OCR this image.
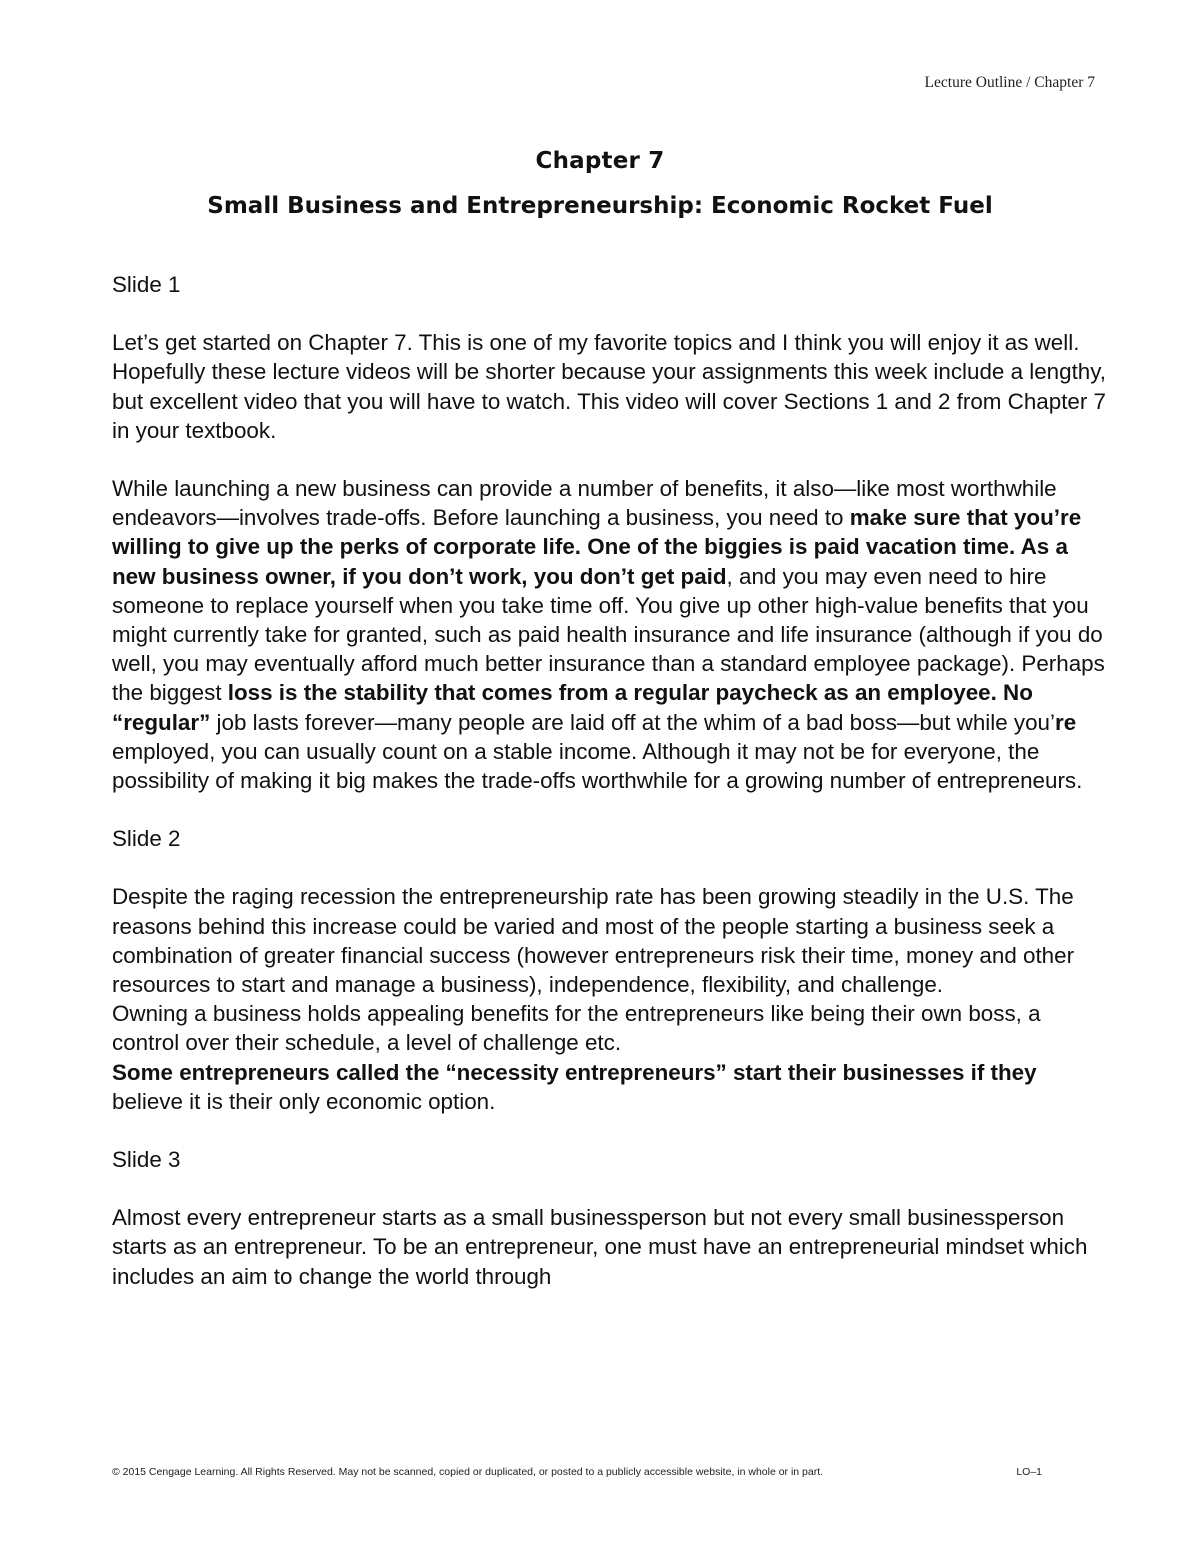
Lecture Outline / Chapter 7
Chapter 7
Small Business and Entrepreneurship: Economic Rocket Fuel

Slide 1

Let’s get started on Chapter 7. This is one of my favorite topics and I think you will enjoy it as well. Hopefully these lecture videos will be shorter because your assignments this week include a lengthy, but excellent video that you will have to watch. This video will cover Sections 1 and 2 from Chapter 7 in your textbook.

While launching a new business can provide a number of benefits, it also—like most worthwhile endeavors—involves trade-offs. Before launching a business, you need to make sure that you’re willing to give up the perks of corporate life. One of the biggies is paid vacation time. As a new business owner, if you don’t work, you don’t get paid, and you may even need to hire someone to replace yourself when you take time off. You give up other high-value benefits that you might currently take for granted, such as paid health insurance and life insurance (although if you do well, you may eventually afford much better insurance than a standard employee package). Perhaps the biggest loss is the stability that comes from a regular paycheck as an employee. No “regular” job lasts forever—many people are laid off at the whim of a bad boss—but while you’re employed, you can usually count on a stable income. Although it may not be for everyone, the possibility of making it big makes the trade-offs worthwhile for a growing number of entrepreneurs.

Slide 2

Despite the raging recession the entrepreneurship rate has been growing steadily in the U.S. The reasons behind this increase could be varied and most of the people starting a business seek a combination of greater financial success (however entrepreneurs risk their time, money and other resources to start and manage a business), independence, flexibility, and challenge.

Owning a business holds appealing benefits for the entrepreneurs like being their own boss, a control over their schedule, a level of challenge etc.

Some entrepreneurs called the “necessity entrepreneurs” start their businesses if they believe it is their only economic option.

Slide 3

Almost every entrepreneur starts as a small businessperson but not every small businessperson starts as an entrepreneur. To be an entrepreneur, one must have an entrepreneurial mindset which includes an aim to change the world through

© 2015 Cengage Learning. All Rights Reserved. May not be scanned, copied or duplicated, or posted to a publicly accessible website, in whole or in part.	LO–1
